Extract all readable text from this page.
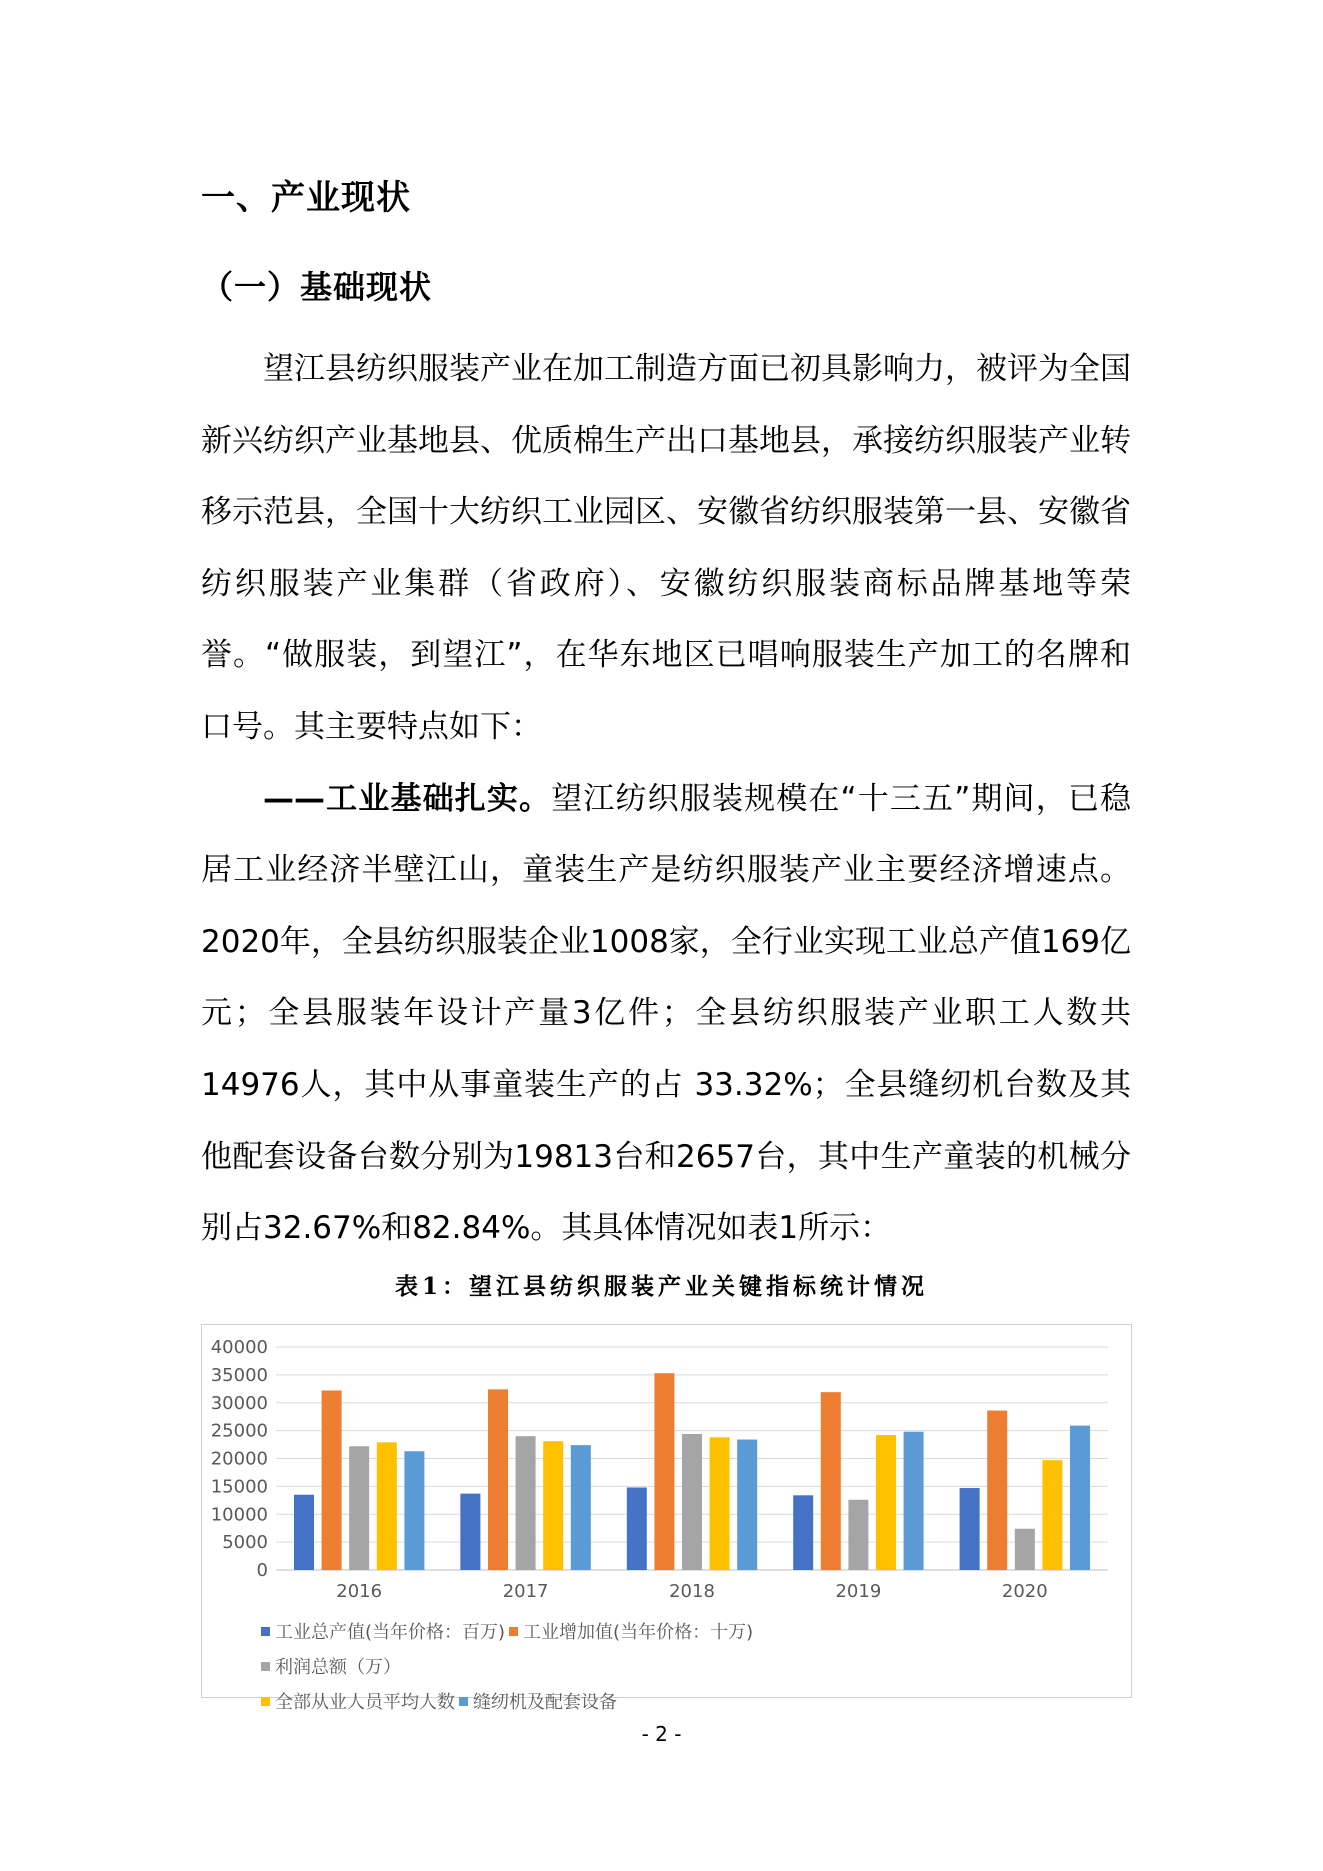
一、产业现状
（一）基础现状

望江县纺织服装产业在加工制造方面已初具影响力，被评为全国新兴纺织产业基地县、优质棉生产出口基地县，承接纺织服装产业转移示范县，全国十大纺织工业园区、安徽省纺织服装第一县、安徽省纺织服装产业集群（省政府）、安徽纺织服装商标品牌基地等荣誉。“做服装，到望江”，在华东地区已唱响服装生产加工的名牌和口号。其主要特点如下：

——工业基础扎实。望江纺织服装规模在“十三五”期间，已稳居工业经济半壁江山，童装生产是纺织服装产业主要经济增速点。2020年，全县纺织服装企业1008家，全行业实现工业总产值169亿元；全县服装年设计产量3亿件；全县纺织服装产业职工人数共14976人，其中从事童装生产的占 33.32%；全县缝纫机台数及其他配套设备台数分别为19813台和2657台，其中生产童装的机械分别占32.67%和82.84%。其具体情况如表1所示：

表1：望江县纺织服装产业关键指标统计情况
0
5000
10000
15000
20000
25000
30000
35000
40000
2016	2017	2018	2019	2020
工业总产值(当年价格：百万) 工业增加值(当年价格：十万)利润总额（万）
全部从业人员平均人数 缝纫机及配套设备
- 2 -
